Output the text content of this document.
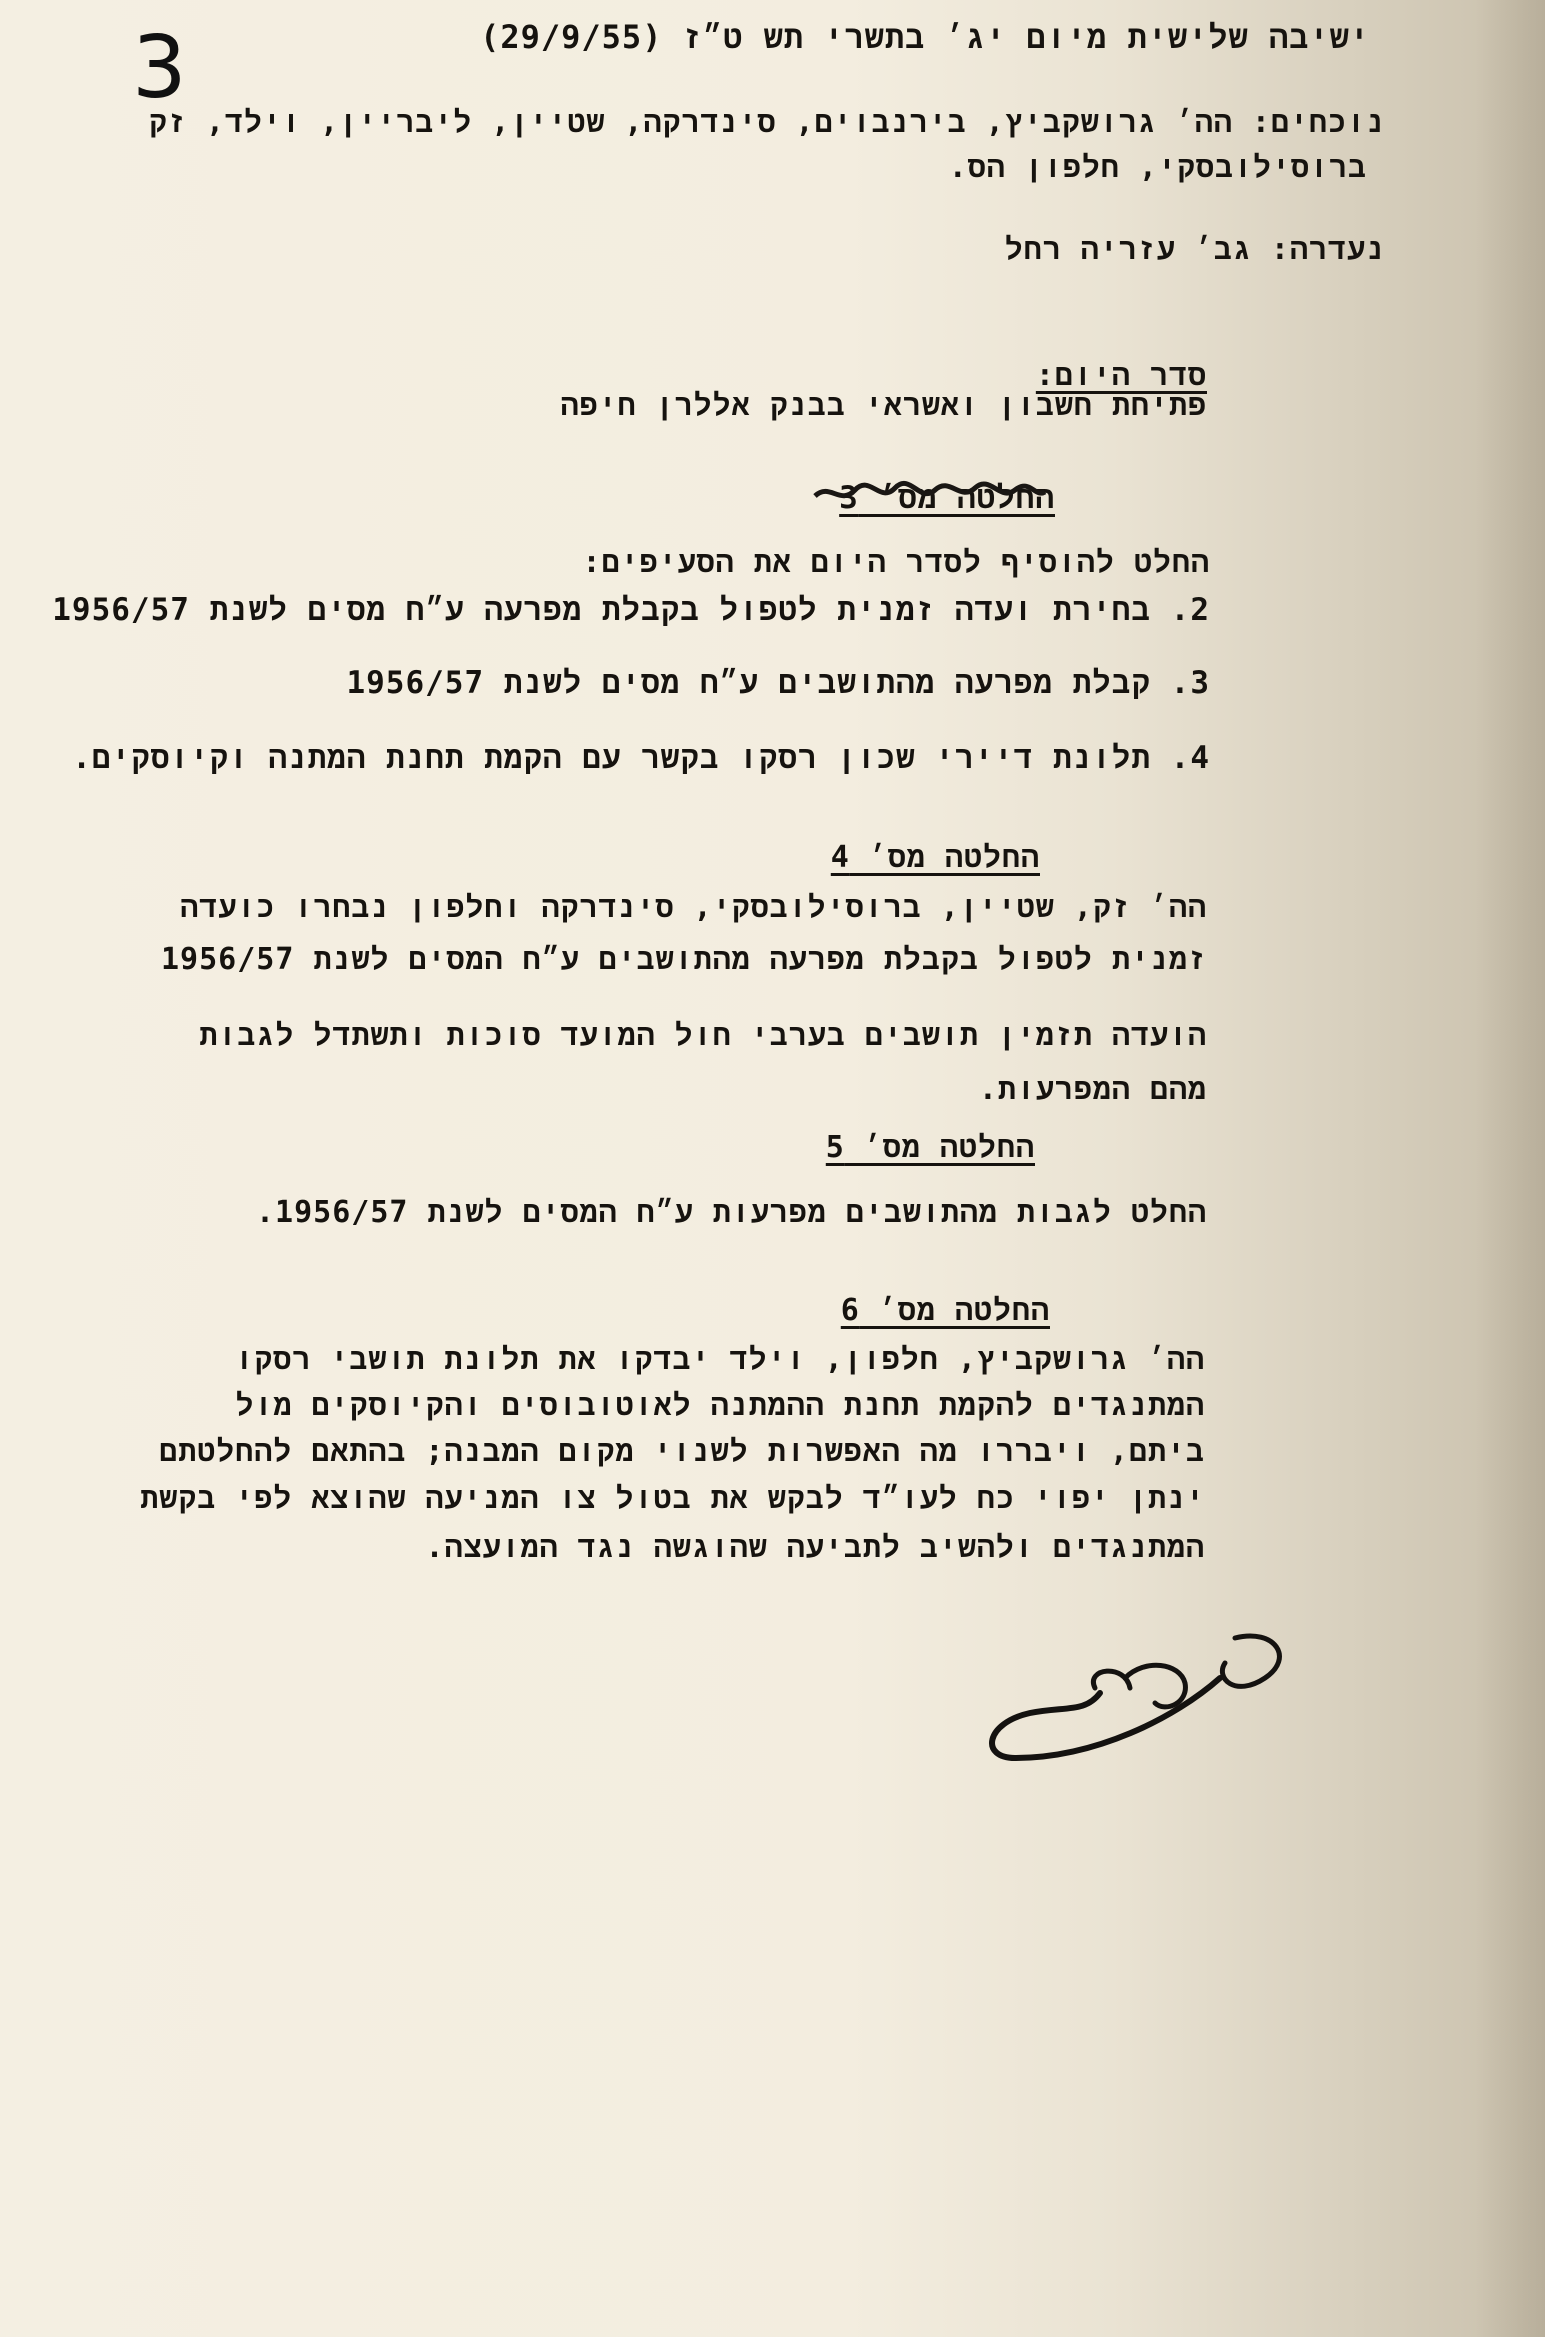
3	ישיבה שלישית מיום יג׳ בתשרי תש ט״ז (29/9/55)
נוכחים: הה׳ גרושקביץ, בירנבוים, סינדרקה, שטיין, ליבריין, וילד, זק
ברוסילובסקי, חלפון הס.
נעדרה: גב׳ עזריה רחל
סדר היום:
פתיחת חשבון ואשראי בבנק אללרן חיפה
החלטה מס׳ 3
החלט להוסיף לסדר היום את הסעיפים:
2. בחירת ועדה זמנית לטפול בקבלת מפרעה ע״ח מסים לשנת 1956/57
3. קבלת מפרעה מהתושבים ע״ח מסים לשנת 1956/57
4. תלונת דיירי שכון רסקו בקשר עם הקמת תחנת המתנה וקיוסקים.
החלטה מס׳ 4
הה׳ זק, שטיין, ברוסילובסקי, סינדרקה וחלפון נבחרו כועדה
זמנית לטפול בקבלת מפרעה מהתושבים ע״ח המסים לשנת 1956/57
הועדה תזמין תושבים בערבי חול המועד סוכות ותשתדל לגבות
מהם המפרעות.
החלטה מס׳ 5
החלט לגבות מהתושבים מפרעות ע״ח המסים לשנת 1956/57.
החלטה מס׳ 6
הה׳ גרושקביץ, חלפון, וילד יבדקו את תלונת תושבי רסקו
המתנגדים להקמת תחנת ההמתנה לאוטובוסים והקיוסקים מול
ביתם, ויבררו מה האפשרות לשנוי מקום המבנה; בהתאם להחלטתם
ינתן יפוי כח לעו״ד לבקש את בטול צו המניעה שהוצא לפי בקשת
המתנגדים ולהשיב לתביעה שהוגשה נגד המועצה.
